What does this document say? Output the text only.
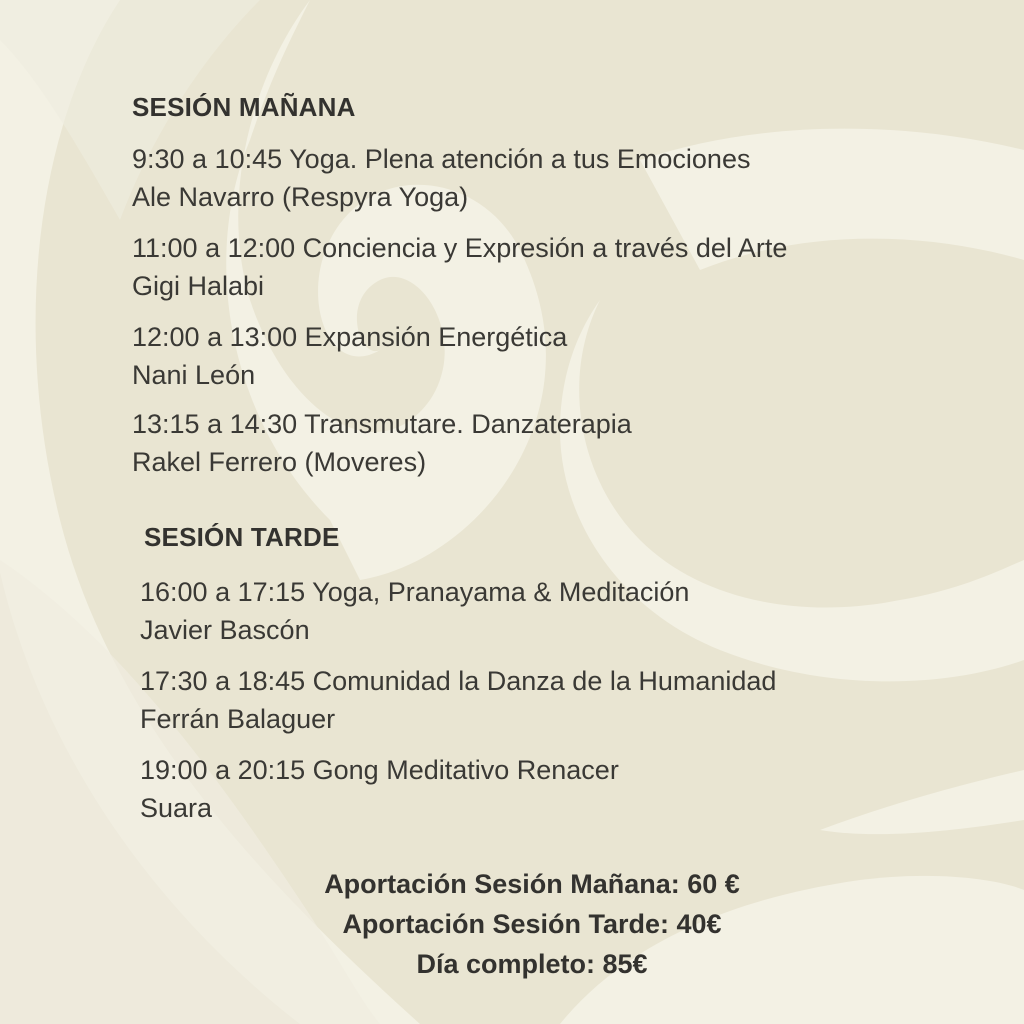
SESIÓN MAÑANA
9:30 a 10:45 Yoga. Plena atención a tus Emociones
Ale Navarro (Respyra Yoga)
11:00 a 12:00 Conciencia y Expresión a través del Arte
Gigi Halabi
12:00 a 13:00 Expansión Energética
Nani León
13:15 a 14:30 Transmutare. Danzaterapia
Rakel Ferrero (Moveres)
SESIÓN TARDE
16:00 a 17:15 Yoga, Pranayama & Meditación
Javier Bascón
17:30 a 18:45 Comunidad la Danza de la Humanidad
Ferrán Balaguer
19:00 a 20:15 Gong Meditativo Renacer
Suara
Aportación Sesión Mañana: 60 €
Aportación Sesión Tarde: 40€
Día completo: 85€
